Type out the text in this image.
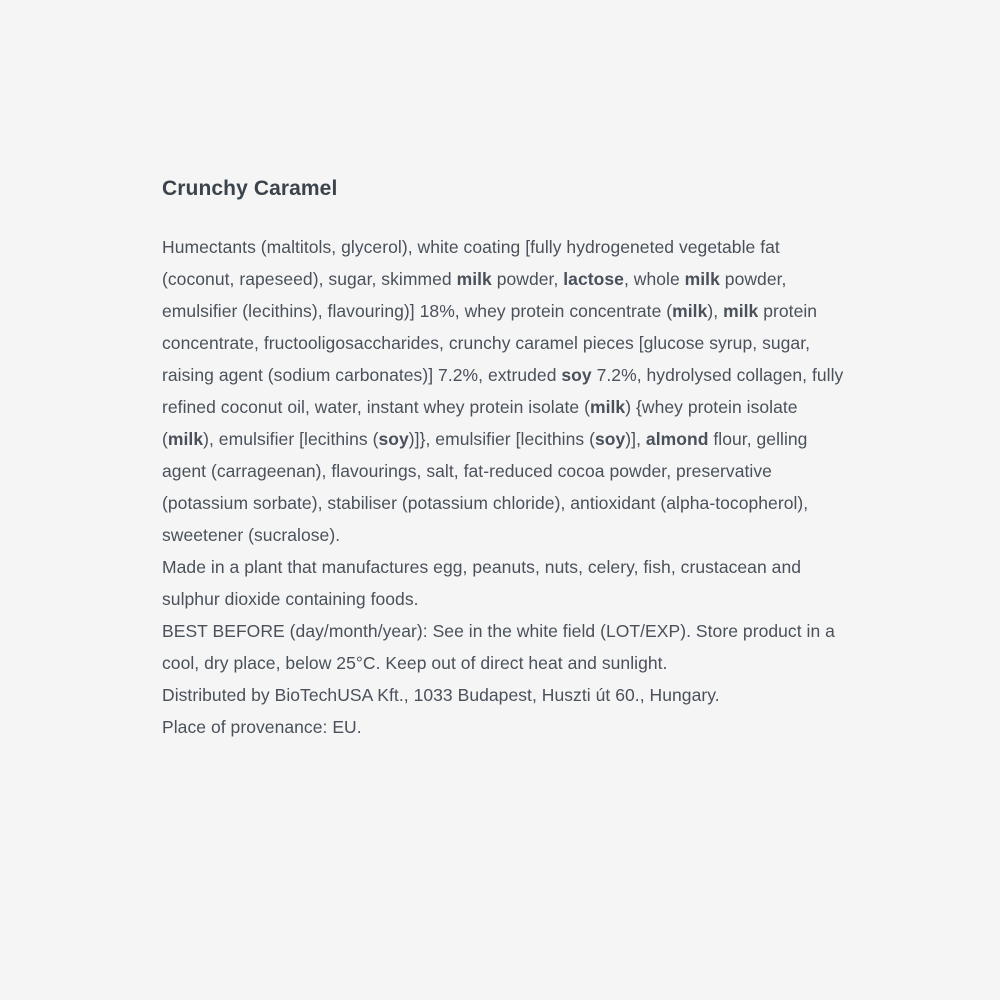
Crunchy Caramel

Humectants (maltitols, glycerol), white coating [fully hydrogeneted vegetable fat (coconut, rapeseed), sugar, skimmed milk powder, lactose, whole milk powder, emulsifier (lecithins), flavouring)] 18%, whey protein concentrate (milk), milk protein concentrate, fructooligosaccharides, crunchy caramel pieces [glucose syrup, sugar, raising agent (sodium carbonates)] 7.2%, extruded soy 7.2%, hydrolysed collagen, fully refined coconut oil, water, instant whey protein isolate (milk) {whey protein isolate (milk), emulsifier [lecithins (soy)]}, emulsifier [lecithins (soy)], almond flour, gelling agent (carrageenan), flavourings, salt, fat-reduced cocoa powder, preservative (potassium sorbate), stabiliser (potassium chloride), antioxidant (alpha-tocopherol), sweetener (sucralose).

Made in a plant that manufactures egg, peanuts, nuts, celery, fish, crustacean and sulphur dioxide containing foods.

BEST BEFORE (day/month/year): See in the white field (LOT/EXP). Store product in a cool, dry place, below 25°C. Keep out of direct heat and sunlight.

Distributed by BioTechUSA Kft., 1033 Budapest, Huszti út 60., Hungary.

Place of provenance: EU.
